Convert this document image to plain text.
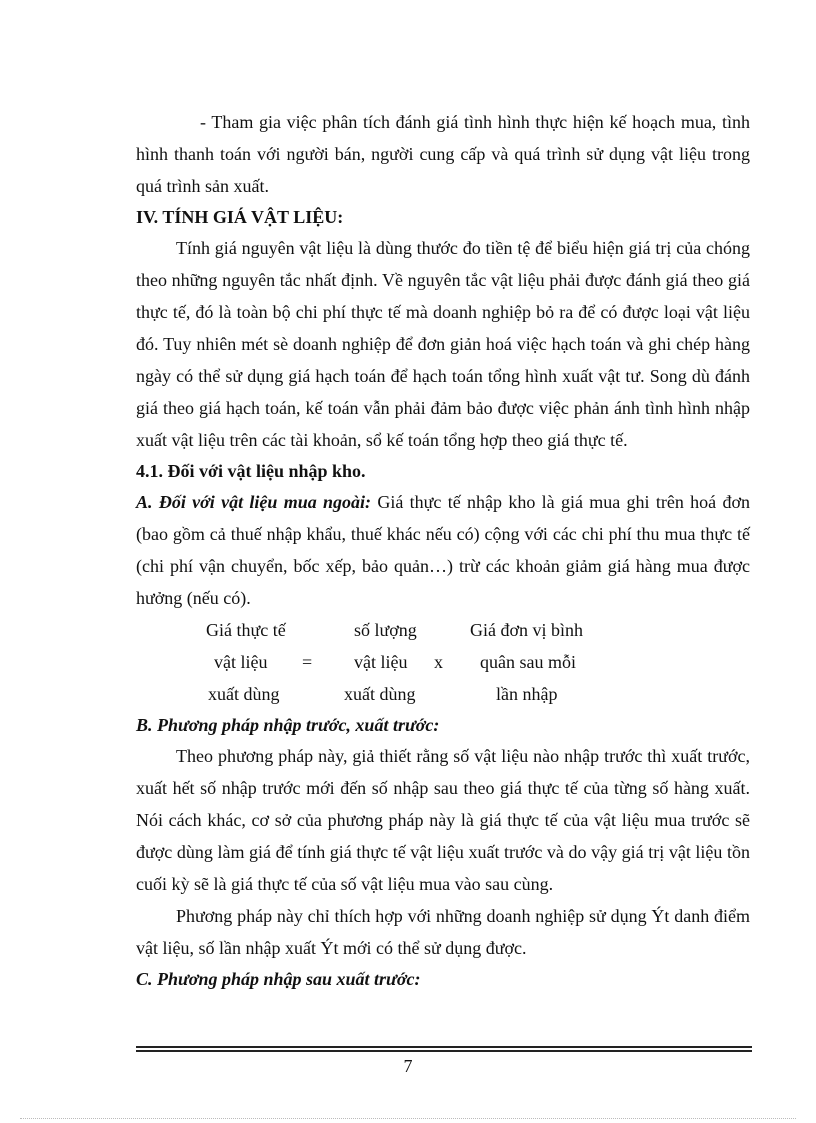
- Tham gia việc phân tích đánh giá tình hình thực hiện kế hoạch mua, tình hình thanh toán với người bán, người cung cấp và quá trình sử dụng vật liệu trong quá trình sản xuất.

IV. TÍNH GIÁ VẬT LIỆU:

Tính giá nguyên vật liệu là dùng thước đo tiền tệ để biểu hiện giá trị của chóng theo những nguyên tắc nhất định. Về nguyên tắc vật liệu phải được đánh giá theo giá thực tế, đó là toàn bộ chi phí thực tế mà doanh nghiệp bỏ ra để có được loại vật liệu đó. Tuy nhiên mét sè doanh nghiệp để đơn giản hoá việc hạch toán và ghi chép hàng ngày có thể sử dụng giá hạch toán để hạch toán tổng hình xuất vật tư. Song dù đánh giá theo giá hạch toán, kế toán vẫn phải đảm bảo được việc phản ánh tình hình nhập xuất vật liệu trên các tài khoản, sổ kế toán tổng hợp theo giá thực tế.

4.1. Đối với vật liệu nhập kho.

A. Đối với vật liệu mua ngoài: Giá thực tế nhập kho là giá mua ghi trên hoá đơn (bao gồm cả thuế nhập khẩu, thuế khác nếu có) cộng với các chi phí thu mua thực tế (chi phí vận chuyển, bốc xếp, bảo quản…) trừ các khoản giảm giá hàng mua được hưởng (nếu có).

Giá thực tế
vật liệu
xuất dùng
=
số lượng
vật liệu
xuất dùng
x
Giá đơn vị bình
quân sau mỗi
lần nhập

B. Phương pháp nhập trước, xuất trước:

Theo phương pháp này, giả thiết rằng số vật liệu nào nhập trước thì xuất trước, xuất hết số nhập trước mới đến số nhập sau theo giá thực tế của từng số hàng xuất. Nói cách khác, cơ sở của phương pháp này là giá thực tế của vật liệu mua trước sẽ được dùng làm giá để tính giá thực tế vật liệu xuất trước và do vậy giá trị vật liệu tồn cuối kỳ sẽ là giá thực tế của số vật liệu mua vào sau cùng.

Phương pháp này chỉ thích hợp với những doanh nghiệp sử dụng Ýt danh điểm vật liệu, số lần nhập xuất Ýt mới có thể sử dụng được.

C. Phương pháp nhập sau xuất trước:

7
